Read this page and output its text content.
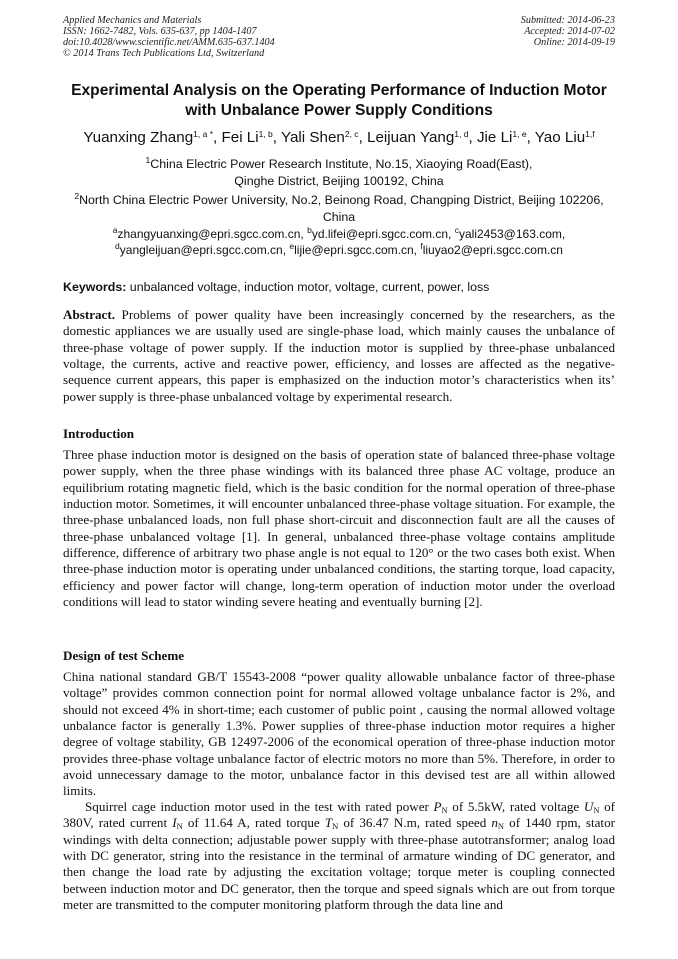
Applied Mechanics and Materials
ISSN: 1662-7482, Vols. 635-637, pp 1404-1407
doi:10.4028/www.scientific.net/AMM.635-637.1404
© 2014 Trans Tech Publications Ltd, Switzerland
Submitted: 2014-06-23
Accepted: 2014-07-02
Online: 2014-09-19
Experimental Analysis on the Operating Performance of Induction Motor
with Unbalance Power Supply Conditions
Yuanxing Zhang$^{1, a *}$, Fei Li$^{1, b}$, Yali Shen$^{2, c}$, Leijuan Yang$^{1, d}$, Jie Li$^{1, e}$, Yao Liu$^{1,f}$
$^1$China Electric Power Research Institute, No.15, Xiaoying Road(East),
Qinghe District, Beijing 100192, China
$^2$North China Electric Power University, No.2, Beinong Road, Changping District, Beijing 102206,
China
$^a$zhangyuanxing@epri.sgcc.com.cn, $^b$yd.lifei@epri.sgcc.com.cn, $^c$yali2453@163.com,
$^d$yangleijuan@epri.sgcc.com.cn, $^e$lijie@epri.sgcc.com.cn, $^f$liuyao2@epri.sgcc.com.cn
Keywords: unbalanced voltage, induction motor, voltage, current, power, loss

Abstract. Problems of power quality have been increasingly concerned by the researchers, as the domestic appliances we are usually used are single-phase load, which mainly causes the unbalance of three-phase voltage of power supply. If the induction motor is supplied by three-phase unbalanced voltage, the currents, active and reactive power, efficiency, and losses are affected as the negative-sequence current appears, this paper is emphasized on the induction motor’s characteristics when its’ power supply is three-phase unbalanced voltage by experimental research.

Introduction

Three phase induction motor is designed on the basis of operation state of balanced three-phase voltage power supply, when the three phase windings with its balanced three phase AC voltage, produce an equilibrium rotating magnetic field, which is the basic condition for the normal operation of three-phase induction motor. Sometimes, it will encounter unbalanced three-phase voltage situation. For example, the three-phase unbalanced loads, non full phase short-circuit and disconnection fault are all the causes of three-phase unbalanced voltage [1]. In general, unbalanced three-phase voltage contains amplitude difference, difference of arbitrary two phase angle is not equal to 120° or the two cases both exist. When three-phase induction motor is operating under unbalanced conditions, the starting torque, load capacity, efficiency and power factor will change, long-term operation of induction motor under the overload conditions will lead to stator winding severe heating and eventually burning [2].

Design of test Scheme

China national standard GB/T 15543-2008 “power quality allowable unbalance factor of three-phase voltage” provides common connection point for normal allowed voltage unbalance factor is 2%, and should not exceed 4% in short-time; each customer of public point , causing the normal allowed voltage unbalance factor is generally 1.3%. Power supplies of three-phase induction motor requires a higher degree of voltage stability, GB 12497-2006 of the economical operation of three-phase induction motor provides three-phase voltage unbalance factor of electric motors no more than 5%. Therefore, in order to avoid unnecessary damage to the motor, unbalance factor in this devised test are all within allowed limits.

Squirrel cage induction motor used in the test with rated power $P_N$ of 5.5kW, rated voltage $U_N$ of 380V, rated current $I_N$ of 11.64 A, rated torque $T_N$ of 36.47 N.m, rated speed $n_N$ of 1440 rpm, stator windings with delta connection; adjustable power supply with three-phase autotransformer; analog load with DC generator, string into the resistance in the terminal of armature winding of DC generator, and then change the load rate by adjusting the excitation voltage; torque meter is coupling connected between induction motor and DC generator, then the torque and speed signals which are out from torque meter are transmitted to the computer monitoring platform through the data line and
